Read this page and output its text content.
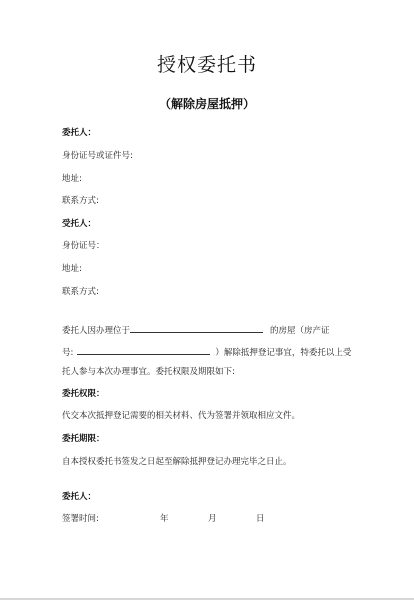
授权委托书
（解除房屋抵押）
委托人：
身份证号或证件号:
地址:
联系方式:
受托人：
身份证号：
地址:
联系方式:
委托人因办理位于	的房屋（房产证
号:	）解除抵押登记事宜，特委托以上受
托人参与本次办理事宜。委托权限及期限如下:
委托权限：
代交本次抵押登记需要的相关材料、代为签署并领取相应文件。
委托期限：
自本授权委托书签发之日起至解除抵押登记办理完毕之日止。
委托人：
签署时间:	年	月	日
